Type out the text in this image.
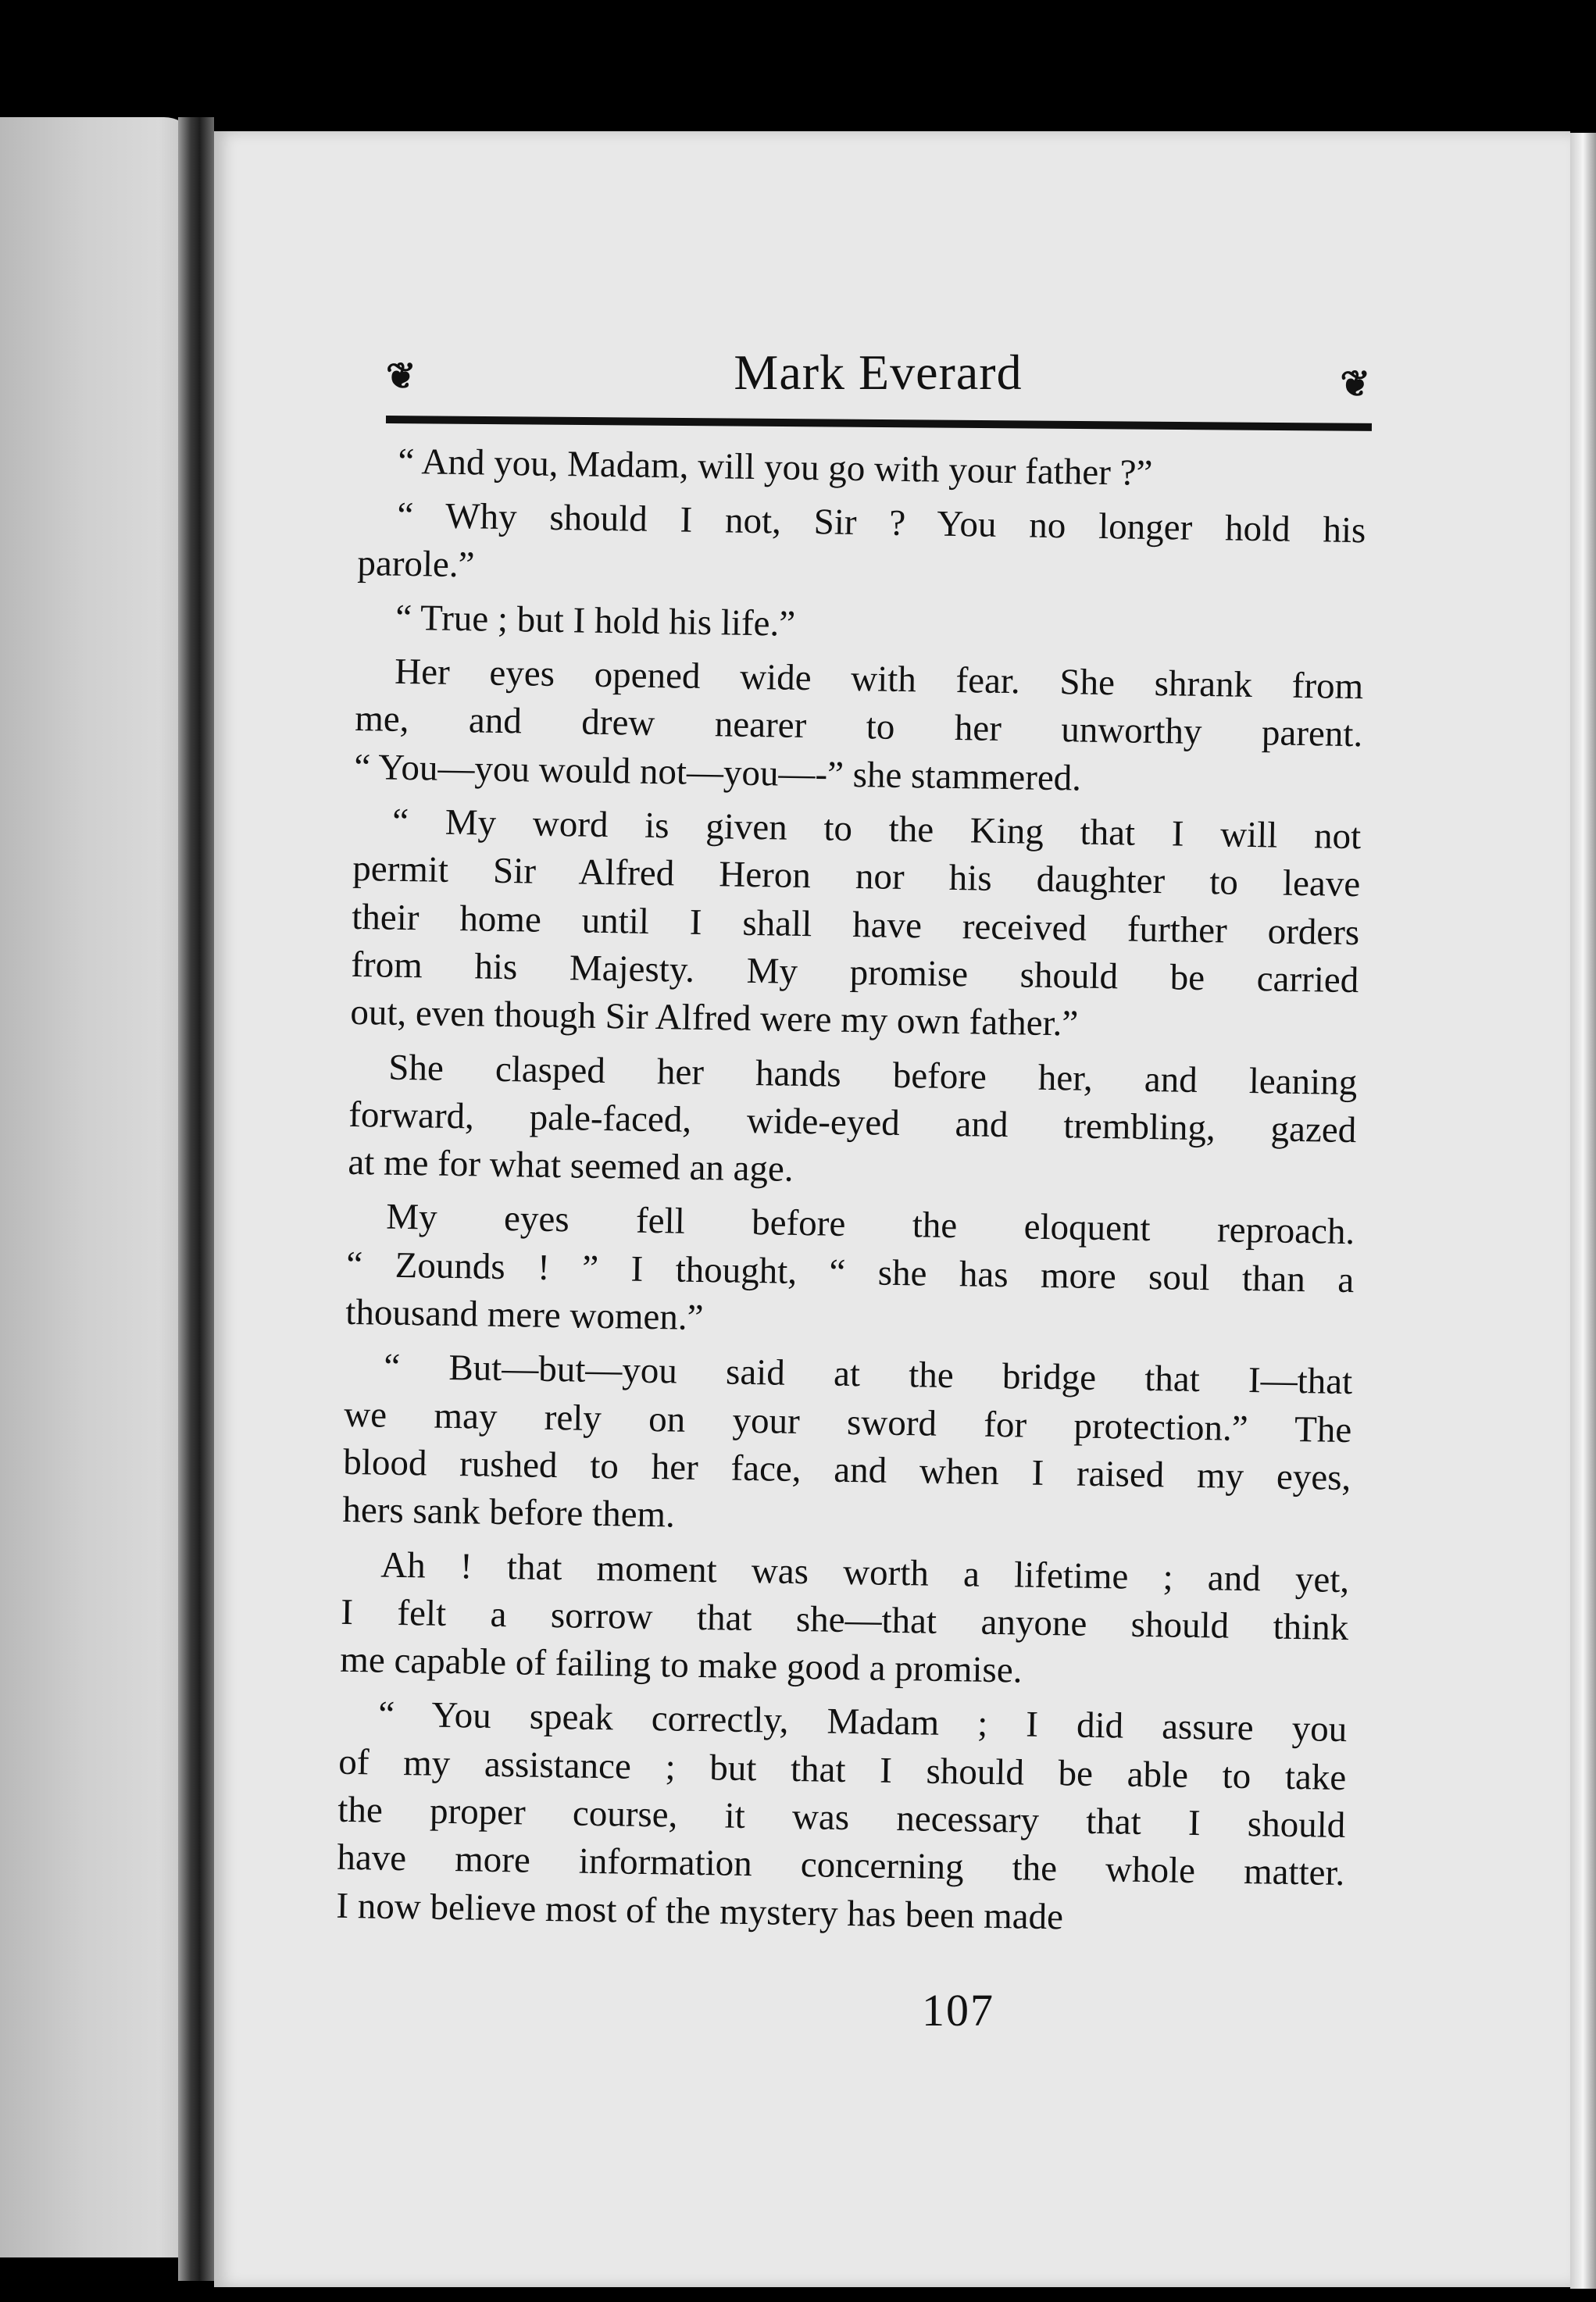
❦	Mark Everard	❦
“ And you, Madam, will you go with your father ?”
“ Why should I not, Sir ? You no longer hold his
parole.”
“ True ; but I hold his life.”
Her eyes opened wide with fear. She shrank from
me, and drew nearer to her unworthy parent.
“ You—you would not—you—-” she stammered.
“ My word is given to the King that I will not
permit Sir Alfred Heron nor his daughter to leave
their home until I shall have received further orders
from his Majesty. My promise should be carried
out, even though Sir Alfred were my own father.”
She clasped her hands before her, and leaning
forward, pale-faced, wide-eyed and trembling, gazed
at me for what seemed an age.
My eyes fell before the eloquent reproach.
“ Zounds ! ” I thought, “ she has more soul than a
thousand mere women.”
“ But—but—you said at the bridge that I—that
we may rely on your sword for protection.” The
blood rushed to her face, and when I raised my eyes,
hers sank before them.
Ah ! that moment was worth a lifetime ; and yet,
I felt a sorrow that she—that anyone should think
me capable of failing to make good a promise.
“ You speak correctly, Madam ; I did assure you
of my assistance ; but that I should be able to take
the proper course, it was necessary that I should
have more information concerning the whole matter.
I now believe most of the mystery has been made
107
